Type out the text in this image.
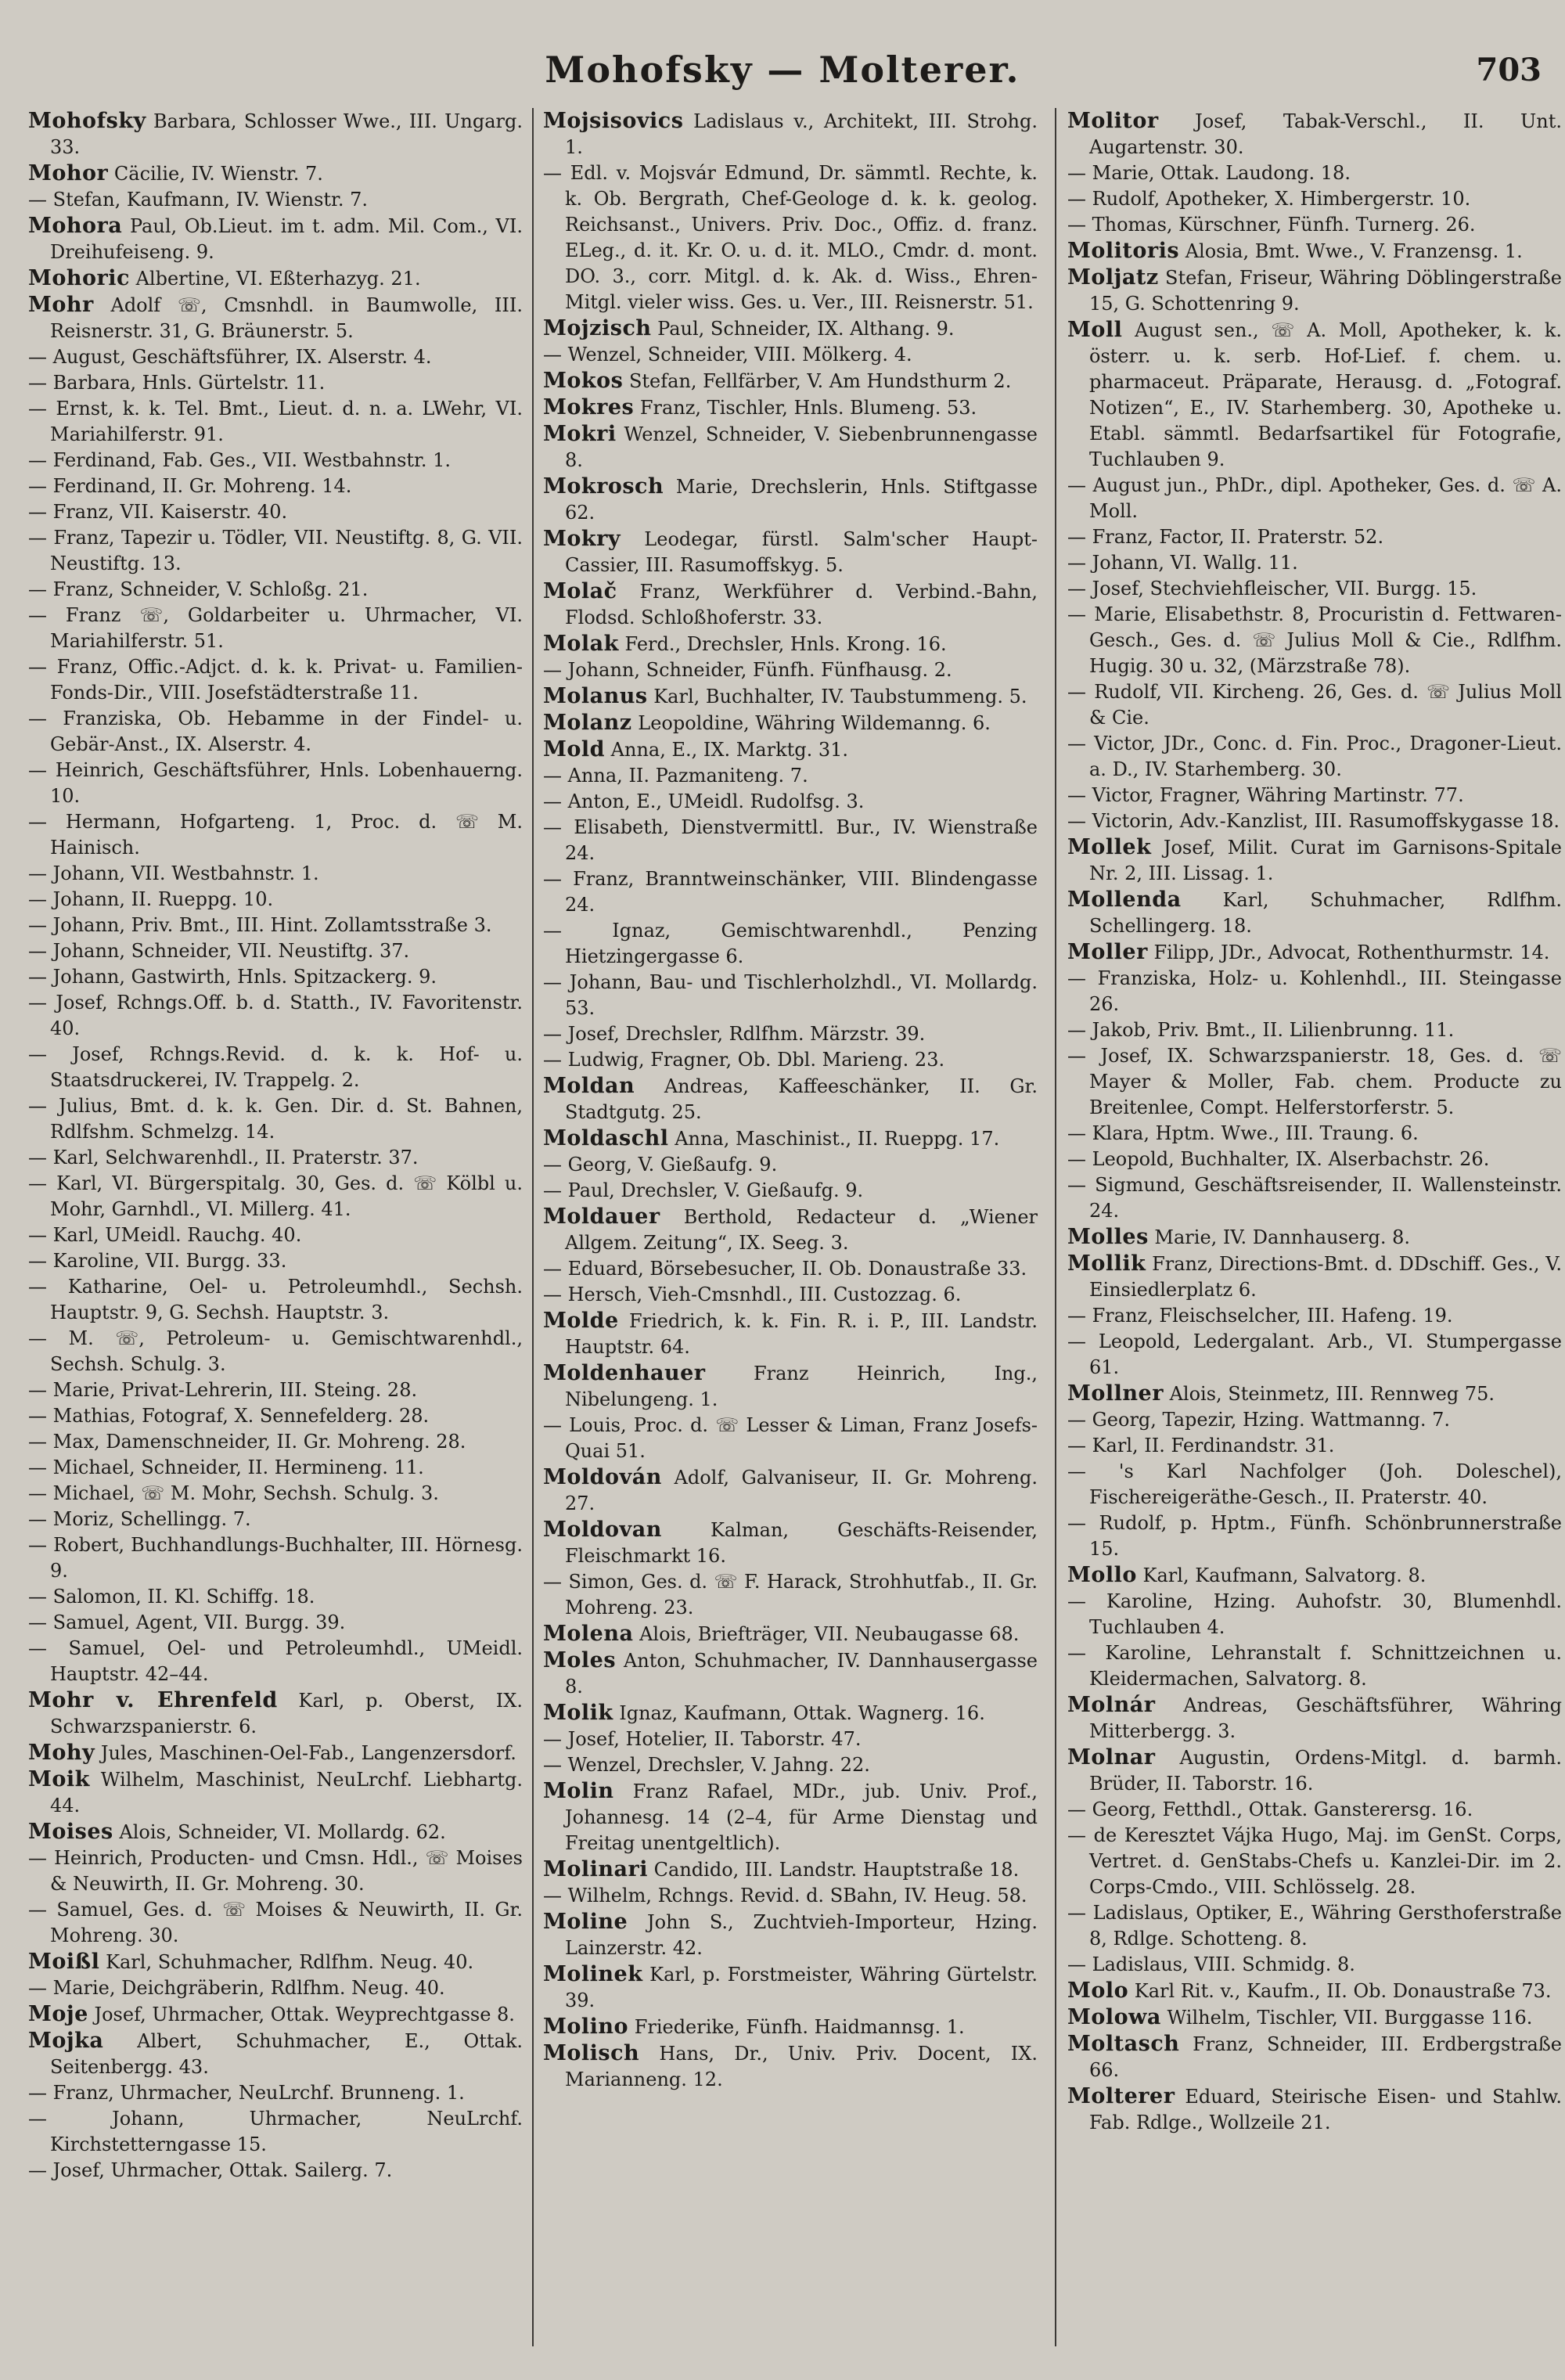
Mohofsky — Molterer.	703

Mohofsky Barbara, Schlosser Wwe., III. Ungarg. 33.

Mohor Cäcilie, IV. Wienstr. 7.

— Stefan, Kaufmann, IV. Wienstr. 7.

Mohora Paul, Ob.Lieut. im t. adm. Mil. Com., VI. Dreihufeiseng. 9.

Mohoric Albertine, VI. Eßterhazyg. 21.

Mohr Adolf ☏, Cmsnhdl. in Baumwolle, III. Reisnerstr. 31, G. Bräunerstr. 5.

— August, Geschäftsführer, IX. Alserstr. 4.

— Barbara, Hnls. Gürtelstr. 11.

— Ernst, k. k. Tel. Bmt., Lieut. d. n. a. LWehr, VI. Mariahilferstr. 91.

— Ferdinand, Fab. Ges., VII. Westbahnstr. 1.

— Ferdinand, II. Gr. Mohreng. 14.

— Franz, VII. Kaiserstr. 40.

— Franz, Tapezir u. Tödler, VII. Neustiftg. 8, G. VII. Neustiftg. 13.

— Franz, Schneider, V. Schloßg. 21.

— Franz ☏, Goldarbeiter u. Uhrmacher, VI. Mariahilferstr. 51.

— Franz, Offic.-Adjct. d. k. k. Privat- u. Familien-Fonds-Dir., VIII. Josefstädterstraße 11.

— Franziska, Ob. Hebamme in der Findel- u. Gebär-Anst., IX. Alserstr. 4.

— Heinrich, Geschäftsführer, Hnls. Lobenhauerng. 10.

— Hermann, Hofgarteng. 1, Proc. d. ☏ M. Hainisch.

— Johann, VII. Westbahnstr. 1.

— Johann, II. Rueppg. 10.

— Johann, Priv. Bmt., III. Hint. Zollamtsstraße 3.

— Johann, Schneider, VII. Neustiftg. 37.

— Johann, Gastwirth, Hnls. Spitzackerg. 9.

— Josef, Rchngs.Off. b. d. Statth., IV. Favoritenstr. 40.

— Josef, Rchngs.Revid. d. k. k. Hof- u. Staatsdruckerei, IV. Trappelg. 2.

— Julius, Bmt. d. k. k. Gen. Dir. d. St. Bahnen, Rdlfshm. Schmelzg. 14.

— Karl, Selchwarenhdl., II. Praterstr. 37.

— Karl, VI. Bürgerspitalg. 30, Ges. d. ☏ Kölbl u. Mohr, Garnhdl., VI. Millerg. 41.

— Karl, UMeidl. Rauchg. 40.

— Karoline, VII. Burgg. 33.

— Katharine, Oel- u. Petroleumhdl., Sechsh. Hauptstr. 9, G. Sechsh. Hauptstr. 3.

— M. ☏, Petroleum- u. Gemischtwarenhdl., Sechsh. Schulg. 3.

— Marie, Privat-Lehrerin, III. Steing. 28.

— Mathias, Fotograf, X. Sennefelderg. 28.

— Max, Damenschneider, II. Gr. Mohreng. 28.

— Michael, Schneider, II. Hermineng. 11.

— Michael, ☏ M. Mohr, Sechsh. Schulg. 3.

— Moriz, Schellingg. 7.

— Robert, Buchhandlungs-Buchhalter, III. Hörnesg. 9.

— Salomon, II. Kl. Schiffg. 18.

— Samuel, Agent, VII. Burgg. 39.

— Samuel, Oel- und Petroleumhdl., UMeidl. Hauptstr. 42–44.

Mohr v. Ehrenfeld Karl, p. Oberst, IX. Schwarzspanierstr. 6.

Mohy Jules, Maschinen-Oel-Fab., Langenzersdorf.

Moik Wilhelm, Maschinist, NeuLrchf. Liebhartg. 44.

Moises Alois, Schneider, VI. Mollardg. 62.

— Heinrich, Producten- und Cmsn. Hdl., ☏ Moises & Neuwirth, II. Gr. Mohreng. 30.

— Samuel, Ges. d. ☏ Moises & Neuwirth, II. Gr. Mohreng. 30.

Moißl Karl, Schuhmacher, Rdlfhm. Neug. 40.

— Marie, Deichgräberin, Rdlfhm. Neug. 40.

Moje Josef, Uhrmacher, Ottak. Weyprechtgasse 8.

Mojka Albert, Schuhmacher, E., Ottak. Seitenbergg. 43.

— Franz, Uhrmacher, NeuLrchf. Brunneng. 1.

— Johann, Uhrmacher, NeuLrchf. Kirchstetterngasse 15.

— Josef, Uhrmacher, Ottak. Sailerg. 7.

Mojsisovics Ladislaus v., Architekt, III. Strohg. 1.

— Edl. v. Mojsvár Edmund, Dr. sämmtl. Rechte, k. k. Ob. Bergrath, Chef-Geologe d. k. k. geolog. Reichsanst., Univers. Priv. Doc., Offiz. d. franz. ELeg., d. it. Kr. O. u. d. it. MLO., Cmdr. d. mont. DO. 3., corr. Mitgl. d. k. Ak. d. Wiss., Ehren-Mitgl. vieler wiss. Ges. u. Ver., III. Reisnerstr. 51.

Mojzisch Paul, Schneider, IX. Althang. 9.

— Wenzel, Schneider, VIII. Mölkerg. 4.

Mokos Stefan, Fellfärber, V. Am Hundsthurm 2.

Mokres Franz, Tischler, Hnls. Blumeng. 53.

Mokri Wenzel, Schneider, V. Siebenbrunnengasse 8.

Mokrosch Marie, Drechslerin, Hnls. Stiftgasse 62.

Mokry Leodegar, fürstl. Salm'scher Haupt-Cassier, III. Rasumoffskyg. 5.

Molač Franz, Werkführer d. Verbind.-Bahn, Flodsd. Schloßhoferstr. 33.

Molak Ferd., Drechsler, Hnls. Krong. 16.

— Johann, Schneider, Fünfh. Fünfhausg. 2.

Molanus Karl, Buchhalter, IV. Taubstummeng. 5.

Molanz Leopoldine, Währing Wildemanng. 6.

Mold Anna, E., IX. Marktg. 31.

— Anna, II. Pazmaniteng. 7.

— Anton, E., UMeidl. Rudolfsg. 3.

— Elisabeth, Dienstvermittl. Bur., IV. Wienstraße 24.

— Franz, Branntweinschänker, VIII. Blindengasse 24.

— Ignaz, Gemischtwarenhdl., Penzing Hietzingergasse 6.

— Johann, Bau- und Tischlerholzhdl., VI. Mollardg. 53.

— Josef, Drechsler, Rdlfhm. Märzstr. 39.

— Ludwig, Fragner, Ob. Dbl. Marieng. 23.

Moldan Andreas, Kaffeeschänker, II. Gr. Stadtgutg. 25.

Moldaschl Anna, Maschinist., II. Rueppg. 17.

— Georg, V. Gießaufg. 9.

— Paul, Drechsler, V. Gießaufg. 9.

Moldauer Berthold, Redacteur d. „Wiener Allgem. Zeitung“, IX. Seeg. 3.

— Eduard, Börsebesucher, II. Ob. Donaustraße 33.

— Hersch, Vieh-Cmsnhdl., III. Custozzag. 6.

Molde Friedrich, k. k. Fin. R. i. P., III. Landstr. Hauptstr. 64.

Moldenhauer Franz Heinrich, Ing., Nibelungeng. 1.

— Louis, Proc. d. ☏ Lesser & Liman, Franz Josefs-Quai 51.

Moldován Adolf, Galvaniseur, II. Gr. Mohreng. 27.

Moldovan Kalman, Geschäfts-Reisender, Fleischmarkt 16.

— Simon, Ges. d. ☏ F. Harack, Strohhutfab., II. Gr. Mohreng. 23.

Molena Alois, Briefträger, VII. Neubaugasse 68.

Moles Anton, Schuhmacher, IV. Dannhausergasse 8.

Molik Ignaz, Kaufmann, Ottak. Wagnerg. 16.

— Josef, Hotelier, II. Taborstr. 47.

— Wenzel, Drechsler, V. Jahng. 22.

Molin Franz Rafael, MDr., jub. Univ. Prof., Johannesg. 14 (2–4, für Arme Dienstag und Freitag unentgeltlich).

Molinari Candido, III. Landstr. Hauptstraße 18.

— Wilhelm, Rchngs. Revid. d. SBahn, IV. Heug. 58.

Moline John S., Zuchtvieh-Importeur, Hzing. Lainzerstr. 42.

Molinek Karl, p. Forstmeister, Währing Gürtelstr. 39.

Molino Friederike, Fünfh. Haidmannsg. 1.

Molisch Hans, Dr., Univ. Priv. Docent, IX. Marianneng. 12.

Molitor Josef, Tabak-Verschl., II. Unt. Augartenstr. 30.

— Marie, Ottak. Laudong. 18.

— Rudolf, Apotheker, X. Himbergerstr. 10.

— Thomas, Kürschner, Fünfh. Turnerg. 26.

Molitoris Alosia, Bmt. Wwe., V. Franzensg. 1.

Moljatz Stefan, Friseur, Währing Döblingerstraße 15, G. Schottenring 9.

Moll August sen., ☏ A. Moll, Apotheker, k. k. österr. u. k. serb. Hof-Lief. f. chem. u. pharmaceut. Präparate, Herausg. d. „Fotograf. Notizen“, E., IV. Starhemberg. 30, Apotheke u. Etabl. sämmtl. Bedarfsartikel für Fotografie, Tuchlauben 9.

— August jun., PhDr., dipl. Apotheker, Ges. d. ☏ A. Moll.

— Franz, Factor, II. Praterstr. 52.

— Johann, VI. Wallg. 11.

— Josef, Stechviehfleischer, VII. Burgg. 15.

— Marie, Elisabethstr. 8, Procuristin d. Fettwaren-Gesch., Ges. d. ☏ Julius Moll & Cie., Rdlfhm. Hugig. 30 u. 32, (Märzstraße 78).

— Rudolf, VII. Kircheng. 26, Ges. d. ☏ Julius Moll & Cie.

— Victor, JDr., Conc. d. Fin. Proc., Dragoner-Lieut. a. D., IV. Starhemberg. 30.

— Victor, Fragner, Währing Martinstr. 77.

— Victorin, Adv.-Kanzlist, III. Rasumoffskygasse 18.

Mollek Josef, Milit. Curat im Garnisons-Spitale Nr. 2, III. Lissag. 1.

Mollenda Karl, Schuhmacher, Rdlfhm. Schellingerg. 18.

Moller Filipp, JDr., Advocat, Rothenthurmstr. 14.

— Franziska, Holz- u. Kohlenhdl., III. Steingasse 26.

— Jakob, Priv. Bmt., II. Lilienbrunng. 11.

— Josef, IX. Schwarzspanierstr. 18, Ges. d. ☏ Mayer & Moller, Fab. chem. Producte zu Breitenlee, Compt. Helferstorferstr. 5.

— Klara, Hptm. Wwe., III. Traung. 6.

— Leopold, Buchhalter, IX. Alserbachstr. 26.

— Sigmund, Geschäftsreisender, II. Wallensteinstr. 24.

Molles Marie, IV. Dannhauserg. 8.

Mollik Franz, Directions-Bmt. d. DDschiff. Ges., V. Einsiedlerplatz 6.

— Franz, Fleischselcher, III. Hafeng. 19.

— Leopold, Ledergalant. Arb., VI. Stumpergasse 61.

Mollner Alois, Steinmetz, III. Rennweg 75.

— Georg, Tapezir, Hzing. Wattmanng. 7.

— Karl, II. Ferdinandstr. 31.

— 's Karl Nachfolger (Joh. Doleschel), Fischereigeräthe-Gesch., II. Praterstr. 40.

— Rudolf, p. Hptm., Fünfh. Schönbrunnerstraße 15.

Mollo Karl, Kaufmann, Salvatorg. 8.

— Karoline, Hzing. Auhofstr. 30, Blumenhdl. Tuchlauben 4.

— Karoline, Lehranstalt f. Schnittzeichnen u. Kleidermachen, Salvatorg. 8.

Molnár Andreas, Geschäftsführer, Währing Mitterbergg. 3.

Molnar Augustin, Ordens-Mitgl. d. barmh. Brüder, II. Taborstr. 16.

— Georg, Fetthdl., Ottak. Gansterersg. 16.

— de Keresztet Vájka Hugo, Maj. im GenSt. Corps, Vertret. d. GenStabs-Chefs u. Kanzlei-Dir. im 2. Corps-Cmdo., VIII. Schlösselg. 28.

— Ladislaus, Optiker, E., Währing Gersthoferstraße 8, Rdlge. Schotteng. 8.

— Ladislaus, VIII. Schmidg. 8.

Molo Karl Rit. v., Kaufm., II. Ob. Donaustraße 73.

Molowa Wilhelm, Tischler, VII. Burggasse 116.

Moltasch Franz, Schneider, III. Erdbergstraße 66.

Molterer Eduard, Steirische Eisen- und Stahlw. Fab. Rdlge., Wollzeile 21.
